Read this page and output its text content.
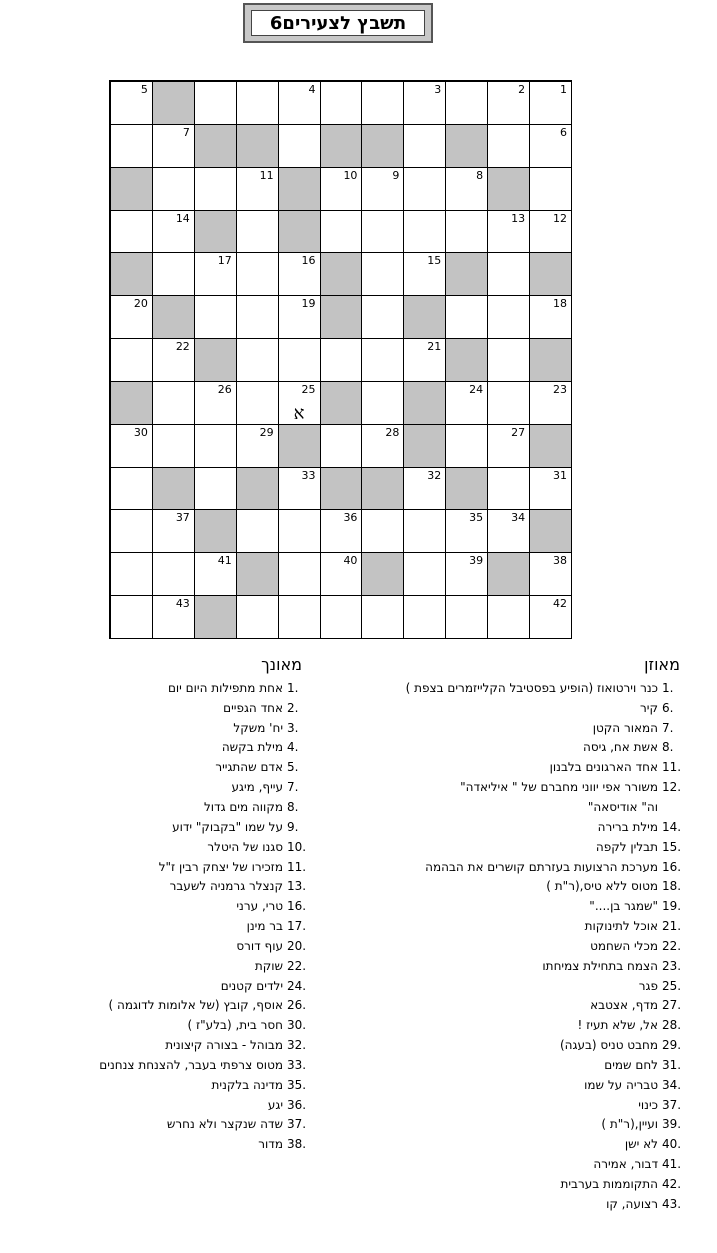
תשבץ לצעירים6
5	4	3	2	1
7	6
11	10	9	8
14	13	12
17	16	15
20	19	18
22	21
26	25
א
24	23
30	29	28	27
33	32	31
37	36	35	34
41	40	39	38
43	42
מאוזן
1.
כנר וירטואוז (הופיע בפסטיבל הקלייזמרים בצפת )
6.
קיר
7.
המאור הקטן
8.
אשת אח, גיסה
11.
אחד הארגונים בלבנון
12.
משורר אפי יווני מחברם של " איליאדה"
וה" אודיסאה"
14.
מילת ברירה
15.
תבלין לקפה
16.
מערכת הרצועות בעזרתם קושרים את הבהמה
18.
מטוס ללא טיס,(ר"ת )
19.
"שמגר בן...."
21.
אוכל לתינוקות
22.
מכלי השחמט
23.
הצמח בתחילת צמיחתו
25.
פגר
27.
מדף, אצטבא
28.
אל, שלא תעיז !
29.
מחבט טניס (בעגה)
31.
לחם שמים
34.
טבריה על שמו
37.
כינוי
39.
ועיין,(ר"ת )
40.
לא ישן
41.
דבור, אמירה
42.
התקוממות בערבית
43.
רצועה, קו
מאונך
1.
אחת מתפילות היום יום
2.
אחד הגפיים
3.
יח' משקל
4.
מילת בקשה
5.
אדם שהתגייר
7.
עייף, מיגע
8.
מקווה מים גדול
9.
על שמו "בקבוק" ידוע
10.
סגנו של היטלר
11.
מזכירו של יצחק רבין ז"ל
13.
קנצלר גרמניה לשעבר
16.
טרי, ערני
17.
בר מינן
20.
עוף דורס
22.
שוקת
24.
ילדים קטנים
26.
אוסף, קובץ (של אלומות לדוגמה )
30.
חסר בית, (בלע"ז )
32.
מבוהל - בצורה קיצונית
33.
מטוס צרפתי בעבר, להצנחת צנחנים
35.
מדינה בלקנית
36.
יגע
37.
שדה שנקצר ולא נחרש
38.
מדור
